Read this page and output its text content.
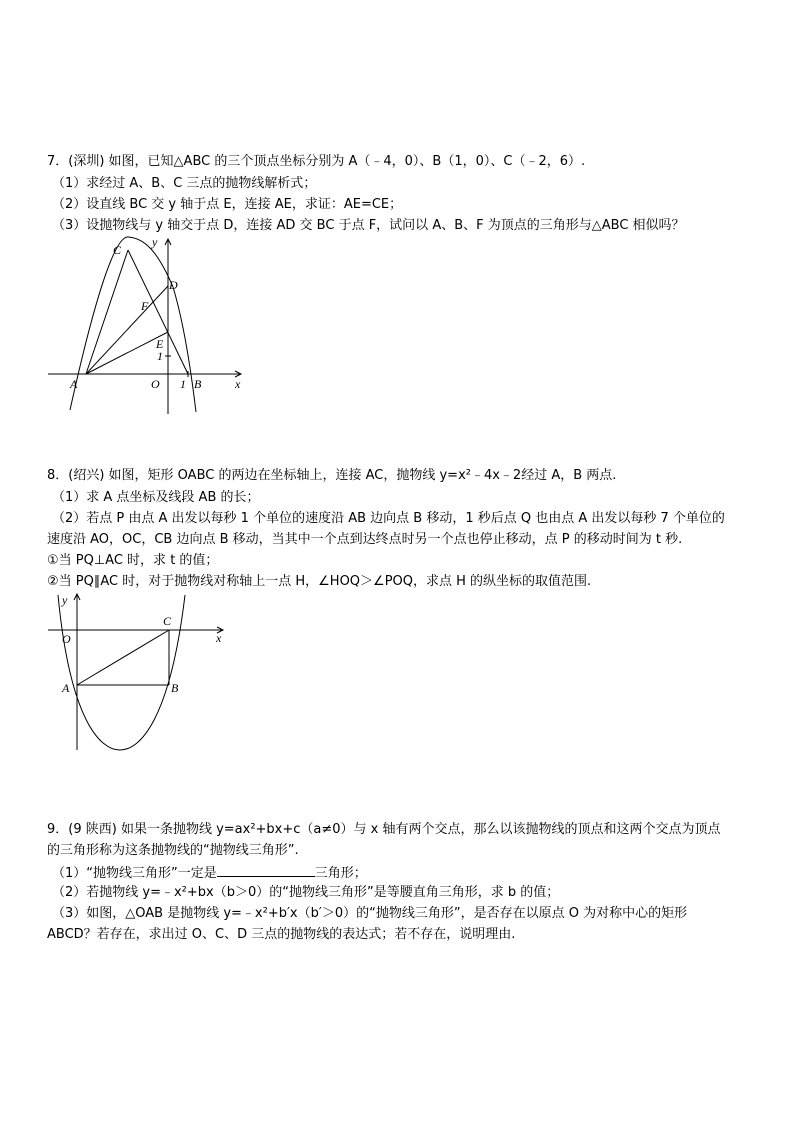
7．(深圳) 如图，已知△ABC 的三个顶点坐标分别为 A（﹣4，0）、B（1，0）、C（﹣2，6）.
（1）求经过 A、B、C 三点的抛物线解析式；
（2）设直线 BC 交 y 轴于点 E，连接 AE，求证：AE=CE；
（3）设抛物线与 y 轴交于点 D，连接 AD 交 BC 于点 F，试问以 A、B、F 为顶点的三角形与△ABC 相似吗？
C
y
D
F
E
1
A	O 1 B	x
8．(绍兴) 如图，矩形 OABC 的两边在坐标轴上，连接 AC，抛物线 y=x²﹣4x﹣2经过 A，B 两点.
（1）求 A 点坐标及线段 AB 的长；
（2）若点 P 由点 A 出发以每秒 1 个单位的速度沿 AB 边向点 B 移动，1 秒后点 Q 也由点 A 出发以每秒 7 个单位的
速度沿 AO，OC，CB 边向点 B 移动，当其中一个点到达终点时另一个点也停止移动，点 P 的移动时间为 t 秒.
①当 PQ⊥AC 时，求 t 的值；
②当 PQ∥AC 时，对于抛物线对称轴上一点 H，∠HOQ＞∠POQ，求点 H 的纵坐标的取值范围.
y
C
O	x
A	B
9．(9 陕西) 如果一条抛物线 y=ax²+bx+c（a≠0）与 x 轴有两个交点，那么以该抛物线的顶点和这两个交点为顶点
的三角形称为这条抛物线的“抛物线三角形”.
（1）“抛物线三角形”一定是	三角形；
（2）若抛物线 y=﹣x²+bx（b＞0）的“抛物线三角形”是等腰直角三角形，求 b 的值；
（3）如图，△OAB 是抛物线 y=﹣x²+b′x（b′＞0）的“抛物线三角形”，是否存在以原点 O 为对称中心的矩形
ABCD？若存在，求出过 O、C、D 三点的抛物线的表达式；若不存在，说明理由.
